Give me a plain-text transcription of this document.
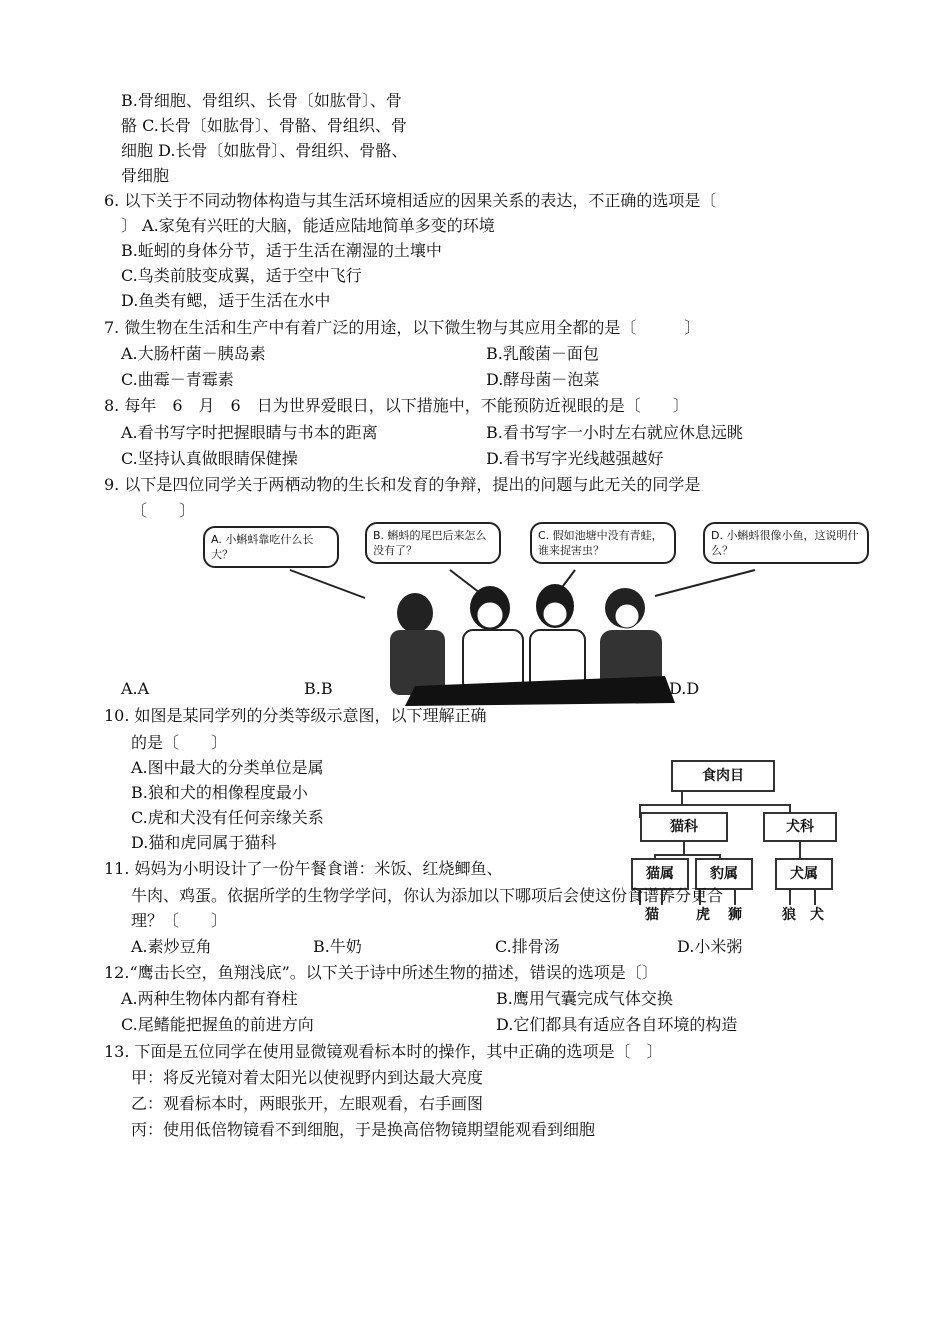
B.骨细胞、骨组织、长骨〔如肱骨〕、骨
骼 C.长骨〔如肱骨〕、骨骼、骨组织、骨
细胞 D.长骨〔如肱骨〕、骨组织、骨骼、
骨细胞
6. 以下关于不同动物体构造与其生活环境相适应的因果关系的表达，不正确的选项是〔
〕 A.家兔有兴旺的大脑，能适应陆地简单多变的环境
B.蚯蚓的身体分节，适于生活在潮湿的土壤中
C.鸟类前肢变成翼，适于空中飞行
D.鱼类有鳃，适于生活在水中
7. 微生物在生活和生产中有着广泛的用途，以下微生物与其应用全都的是〔　　　〕
A.大肠杆菌－胰岛素	B.乳酸菌－面包
C.曲霉－青霉素	D.酵母菌－泡菜
8. 每年　6　月　6　日为世界爱眼日，以下措施中，不能预防近视眼的是〔　　〕
A.看书写字时把握眼睛与书本的距离	B.看书写字一小时左右就应休息远眺
C.坚持认真做眼睛保健操	D.看书写字光线越强越好
9. 以下是四位同学关于两栖动物的生长和发育的争辩，提出的问题与此无关的同学是
〔　　〕
A. 小蝌蚪靠吃什么长大？
B. 蝌蚪的尾巴后来怎么没有了？
C. 假如池塘中没有青蛙，谁来捉害虫？
D. 小蝌蚪很像小鱼，这说明什么？
A.A	B.B	D.D
10. 如图是某同学列的分类等级示意图，以下理解正确
的是〔　　〕
A.图中最大的分类单位是属
B.狼和犬的相像程度最小
C.虎和犬没有任何亲缘关系
D.猫和虎同属于猫科
食肉目
猫科	犬科
猫属	豹属	犬属
猫	虎 狮	狼 犬
11. 妈妈为小明设计了一份午餐食谱：米饭、红烧鲫鱼、
牛肉、鸡蛋。依据所学的生物学学问，你认为添加以下哪项后会使这份食谱养分更合
理？〔　　〕
A.素炒豆角	B.牛奶	C.排骨汤	D.小米粥
12.“鹰击长空，鱼翔浅底”。以下关于诗中所述生物的描述，错误的选项是〔〕
A.两种生物体内都有脊柱	B.鹰用气囊完成气体交换
C.尾鳍能把握鱼的前进方向	D.它们都具有适应各自环境的构造
13. 下面是五位同学在使用显微镜观看标本时的操作，其中正确的选项是〔　〕
甲：将反光镜对着太阳光以使视野内到达最大亮度
乙：观看标本时，两眼张开，左眼观看，右手画图
丙：使用低倍物镜看不到细胞，于是换高倍物镜期望能观看到细胞
